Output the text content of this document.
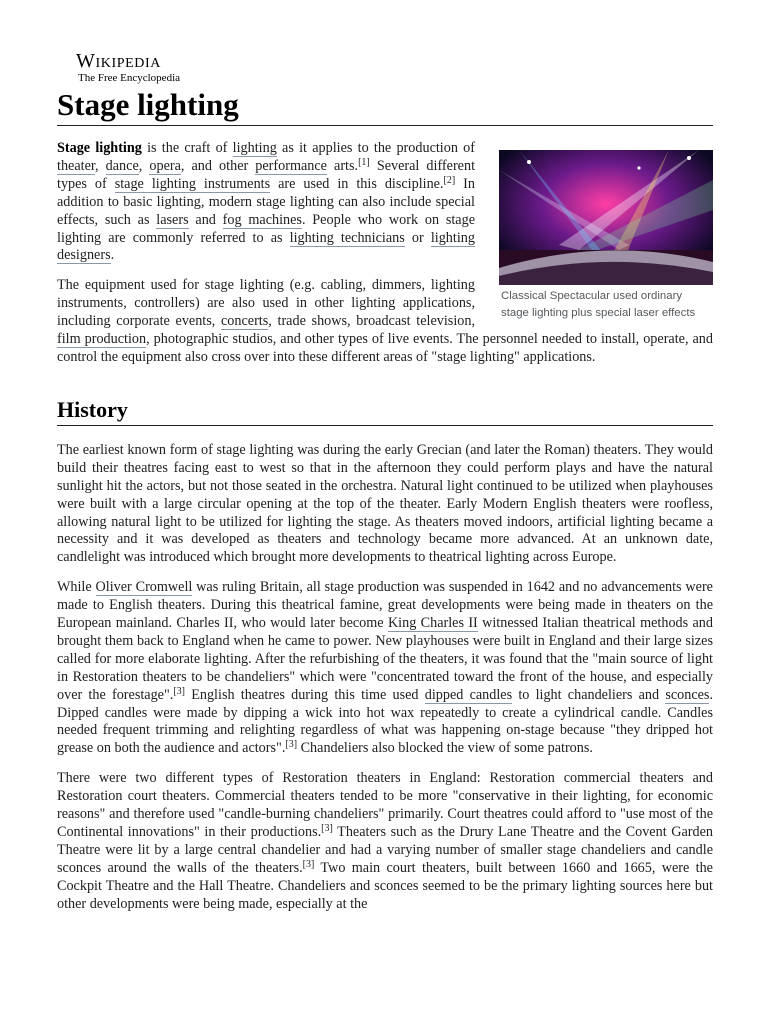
Wikipedia
The Free Encyclopedia
Stage lighting
Classical Spectacular used ordinary stage lighting plus special laser effects

Stage lighting is the craft of lighting as it applies to the production of theater, dance, opera, and other performance arts.[1] Several different types of stage lighting instruments are used in this discipline.[2] In addition to basic lighting, modern stage lighting can also include special effects, such as lasers and fog machines. People who work on stage lighting are commonly referred to as lighting technicians or lighting designers.

The equipment used for stage lighting (e.g. cabling, dimmers, lighting instruments, controllers) are also used in other lighting applications, including corporate events, concerts, trade shows, broadcast television, film production, photographic studios, and other types of live events. The personnel needed to install, operate, and control the equipment also cross over into these different areas of "stage lighting" applications.

History

The earliest known form of stage lighting was during the early Grecian (and later the Roman) theaters. They would build their theatres facing east to west so that in the afternoon they could perform plays and have the natural sunlight hit the actors, but not those seated in the orchestra. Natural light continued to be utilized when playhouses were built with a large circular opening at the top of the theater. Early Modern English theaters were roofless, allowing natural light to be utilized for lighting the stage. As theaters moved indoors, artificial lighting became a necessity and it was developed as theaters and technology became more advanced. At an unknown date, candlelight was introduced which brought more developments to theatrical lighting across Europe.

While Oliver Cromwell was ruling Britain, all stage production was suspended in 1642 and no advancements were made to English theaters. During this theatrical famine, great developments were being made in theaters on the European mainland. Charles II, who would later become King Charles II witnessed Italian theatrical methods and brought them back to England when he came to power. New playhouses were built in England and their large sizes called for more elaborate lighting. After the refurbishing of the theaters, it was found that the "main source of light in Restoration theaters to be chandeliers" which were "concentrated toward the front of the house, and especially over the forestage".[3] English theatres during this time used dipped candles to light chandeliers and sconces. Dipped candles were made by dipping a wick into hot wax repeatedly to create a cylindrical candle. Candles needed frequent trimming and relighting regardless of what was happening on-stage because "they dripped hot grease on both the audience and actors".[3] Chandeliers also blocked the view of some patrons.

There were two different types of Restoration theaters in England: Restoration commercial theaters and Restoration court theaters. Commercial theaters tended to be more "conservative in their lighting, for economic reasons" and therefore used "candle-burning chandeliers" primarily. Court theatres could afford to "use most of the Continental innovations" in their productions.[3] Theaters such as the Drury Lane Theatre and the Covent Garden Theatre were lit by a large central chandelier and had a varying number of smaller stage chandeliers and candle sconces around the walls of the theaters.[3] Two main court theaters, built between 1660 and 1665, were the Cockpit Theatre and the Hall Theatre. Chandeliers and sconces seemed to be the primary lighting sources here but other developments were being made, especially at the
